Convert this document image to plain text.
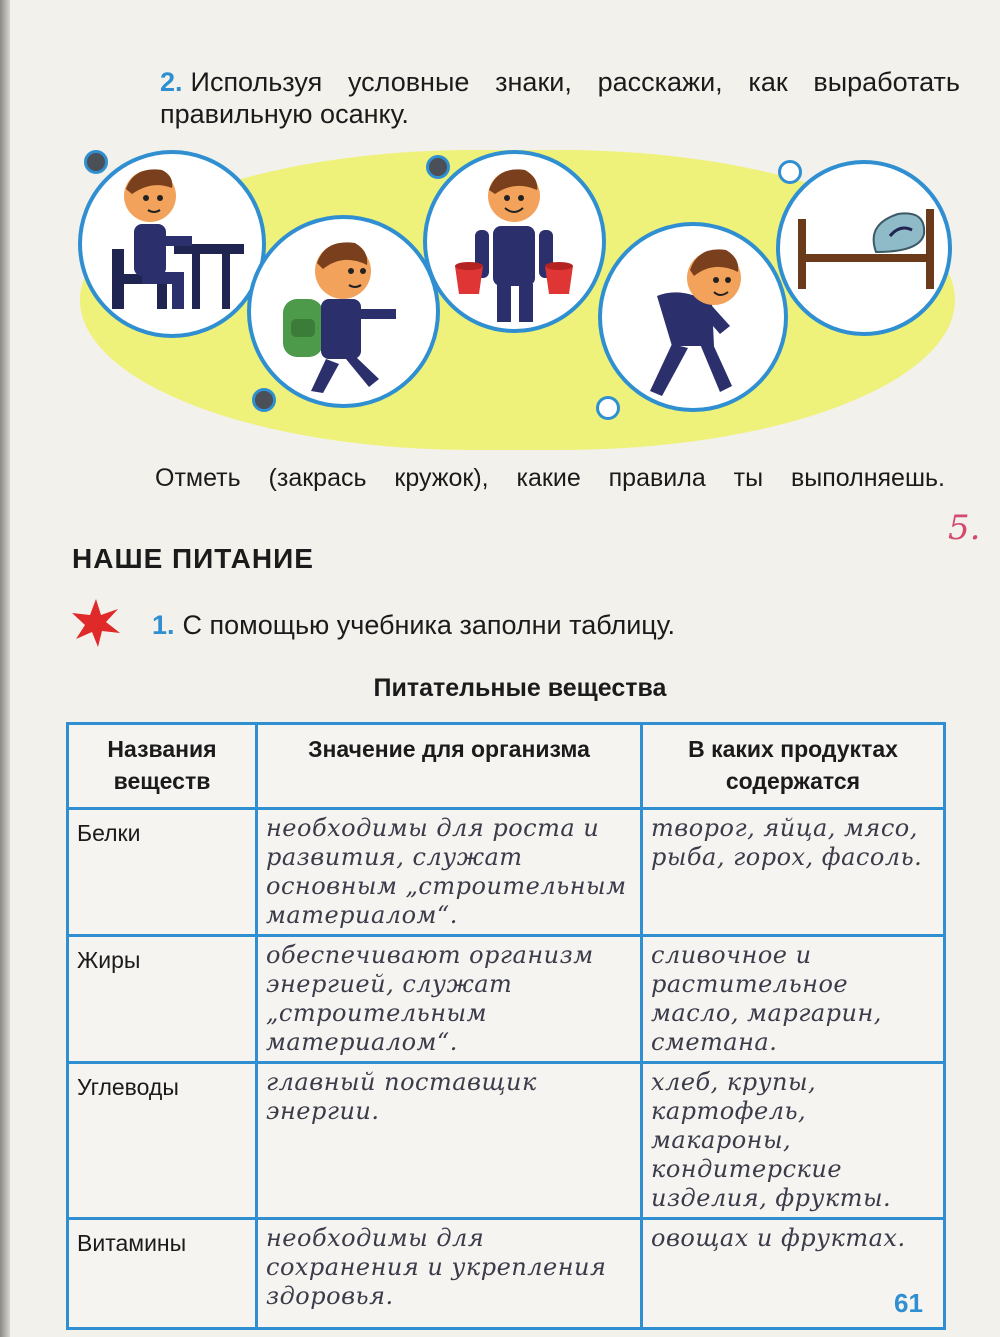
2. Используя условные знаки, расскажи, как выработать правильную осанку.
Отметь (закрась кружок), какие правила ты выполняешь.
5.
НАШЕ ПИТАНИЕ
1. С помощью учебника заполни таблицу.
Питательные вещества
Названия веществ	Значение для организма	В каких продуктах содержатся
Белки	необходимы для роста и развития, служат основным „строительным материалом“.	творог, яйца, мясо, рыба, горох, фасоль.
Жиры	обеспечивают организм энергией, служат „строительным материалом“.	сливочное и растительное масло, маргарин, сметана.
Углеводы	главный поставщик энергии.	хлеб, крупы, картофель, макароны, кондитерские изделия, фрукты.
Витамины	необходимы для сохранения и укрепления здоровья.	овощах и фруктах.
61
